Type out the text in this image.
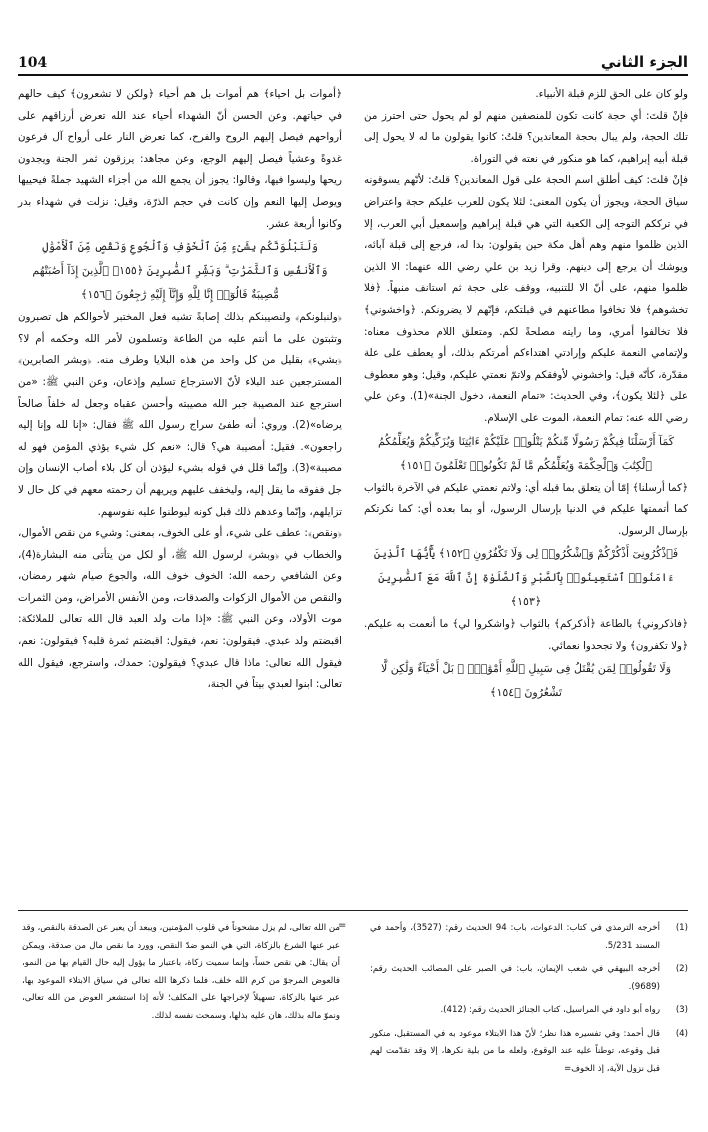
104	الجزء الثاني

ولو كان على الحق للزم قبلة الأنبياء.

فإنْ قلتَ: أي حجة كانت تكون للمنصفين منهم لو لم يحول حتى احترز من تلك الحجة، ولم يبال بحجة المعاندين؟ قلتُ: كانوا يقولون ما له لا يحول إلى قبلة أبيه إبراهيم، كما هو منكور في نعته في التوراة.

فإنْ قلتَ: كيف أطلق اسم الحجة على قول المعاندين؟ قلتُ: لأنّهم يسوقونه سياق الحجة، ويجوز أن يكون المعنى: لئلا يكون للعرب عليكم حجة واعتراض في ترككم التوجه إلى الكعبة التي هي قبلة إبراهيم وإسمعيل أبي العرب، إلا الذين ظلموا منهم وهم أهل مكة حين يقولون: بدا له، فرجع إلى قبلة آبائه، ويوشك أن يرجع إلى دينهم. وقرا زيد بن علي رضي الله عنهما: الا الذين ظلموا منهم، على أنّ الا للتنبيه، ووقف على حجة ثم استانف منبهاً. ﴿فلا تخشوهم﴾ فلا تخافوا مطاعنهم في قبلتكم، فإنّهم لا يضرونكم. ﴿واخشوني﴾ فلا تخالفوا أمري، وما رايته مصلحةً لكم. ومتعلق اللام محذوف معناه: ولإتمامي النعمة عليكم وإرادتي اهتداءكم أمرتكم بذلك، أو يعطف على علة مقدّرة، كأنّه قيل: واخشوني لأوفقكم ولاتمّ نعمتي عليكم، وقيل: وهو معطوف على ﴿لئلا يكون﴾، وفي الحديث: «تمام النعمة، دخول الجنة»(1). وعن علي رضي الله عنه: تمام النعمة، الموت على الإسلام.

كَمَآ أَرْسَلْنَا فِيكُمْ رَسُولًا مِّنكُمْ يَتْلُوا۟ عَلَيْكُمْ ءَايَٰتِنَا وَيُزَكِّيكُمْ وَيُعَلِّمُكُمُ ٱلْكِتَٰبَ وَٱلْحِكْمَةَ وَيُعَلِّمُكُم مَّا لَمْ تَكُونُوا۟ تَعْلَمُونَ ﴿١٥١﴾

﴿كما أرسلنا﴾ إمّا أن يتعلق بما قبله أي: ولاتم نعمتي عليكم في الآخرة بالثواب كما أتممتها عليكم في الدنيا بإرسال الرسول، أو بما بعده أي: كما نكرتكم بإرسال الرسول.

فَٱذْكُرُونِىٓ أَذْكُرْكُمْ وَٱشْكُرُوا۟ لِى وَلَا تَكْفُرُونِ ﴿١٥٢﴾ يَٰٓأَيُّهَا ٱلَّذِينَ ءَامَنُوا۟ ٱسْتَعِينُوا۟ بِٱلصَّبْرِ وَٱلصَّلَوٰةِ إِنَّ ٱللَّهَ مَعَ ٱلصَّٰبِرِينَ ﴿١٥٣﴾

﴿فاذكروني﴾ بالطاعة ﴿أذكركم﴾ بالثواب ﴿واشكروا لي﴾ ما أنعمت به عليكم. ﴿ولا تكفرون﴾ ولا تجحدوا نعمائي.

وَلَا تَقُولُوا۟ لِمَن يُقْتَلُ فِى سَبِيلِ ٱللَّهِ أَمْوَٰتٌۢ ۚ بَلْ أَحْيَآءٌ وَلَٰكِن لَّا تَشْعُرُونَ ﴿١٥٤﴾

﴿أموات بل احياء﴾ هم أموات بل هم أحياء ﴿ولكن لا تشعرون﴾ كيف حالهم في حياتهم. وعن الحسن أنّ الشهداء أحياء عند الله تعرض أرزاقهم على أرواحهم فيصل إليهم الروح والفرح، كما تعرض النار على أرواح آل فرعون غدوةً وعشياً فيصل إليهم الوجع، وعن مجاهد: يرزقون ثمر الجنة ويجدون ريحها وليسوا فيها، وقالوا: يجوز أن يجمع الله من أجزاء الشهيد جملةً فيحييها ويوصل إليها النعم وإن كانت في حجم الذرّة، وقيل: نزلت في شهداء بدر وكانوا أربعة عشر.

وَلَنَبْلُوَنَّكُم بِشَىْءٍ مِّنَ ٱلْخَوْفِ وَٱلْجُوعِ وَنَقْصٍ مِّنَ ٱلْأَمْوَٰلِ وَٱلْأَنفُسِ وَٱلثَّمَرَٰتِ ۗ وَبَشِّرِ ٱلصَّٰبِرِينَ ﴿١٥٥﴾ ٱلَّذِينَ إِذَآ أَصَٰبَتْهُم مُّصِيبَةٌ قَالُوٓا۟ إِنَّا لِلَّهِ وَإِنَّآ إِلَيْهِ رَٰجِعُونَ ﴿١٥٦﴾

﴿ولنبلونكم﴾ ولنصيبنكم بذلك إصابةً تشبه فعل المختبر لأحوالكم هل تصبرون وتثبتون على ما أنتم عليه من الطاعة وتسلمون لأمر الله وحكمه أم لا؟ ﴿بشيء﴾ بقليل من كل واحد من هذه البلايا وطرف منه. ﴿وبشر الصابرين﴾ المسترجعين عند البلاء لأنّ الاسترجاع تسليم وإذعان، وعن النبي ﷺ: «من استرجع عند المصيبة جبر الله مصيبته وأحسن عقباه وجعل له خلفاً صالحاً يرضاه»(2). وروي: أنه طفئ سراج رسول الله ﷺ فقال: «إنا لله وإنا إليه راجعون». فقيل: أمصيبة هي؟ قال: «نعم كل شيء يؤذي المؤمن فهو له مصيبة»(3). وإنّما قلل في قوله بشيء ليؤذن أن كل بلاء أصاب الإنسان وإن جل ففوقه ما يقل إليه، وليخفف عليهم ويريهم أن رحمته معهم في كل حال لا تزايلهم، وإنّما وعدهم ذلك قبل كونه ليوطنوا عليه نفوسهم.

﴿ونقص﴾: عطف على شيء، أو على الخوف، بمعنى: وشيء من نقص الأموال، والخطاب في ﴿وبشر﴾ لرسول الله ﷺ، أو لكل من يتأتى منه البشارة(4)، وعن الشافعي رحمه الله: الخوف خوف الله، والجوع صيام شهر رمضان، والنقص من الأموال الزكوات والصدقات، ومن الأنفس الأمراض، ومن الثمرات موت الأولاد، وعن النبي ﷺ: «إذا مات ولد العبد قال الله تعالى للملائكة: اقبضتم ولد عبدي. فيقولون: نعم، فيقول: اقبضتم ثمرة قلبه؟ فيقولون: نعم، فيقول الله تعالى: ماذا قال عبدي؟ فيقولون: حمدك، واسترجع، فيقول الله تعالى: ابنوا لعبدي بيتاً في الجنة،

(1)
أخرجه الترمذي في كتاب: الدعوات، باب: 94 الحديث رقم: (3527)، وأحمد في المسند 5/231.
(2)
أخرجه البيهقي في شعب الإيمان، باب: في الصبر على المصائب الحديث رقم: (9689).
(3)
رواه أبو داود في المراسيل، كتاب الجنائز الحديث رقم: (412).
(4)
قال أحمد: وفي تفسيره هذا نظر؛ لأنّ هذا الابتلاء موعود به في المستقبل، منكور قبل وقوعه، توطناً عليه عند الوقوع، ولعله ما من بلية نكرها، إلا وقد تقدّمت لهم قبل نزول الآية، إذ الخوف=

من الله تعالى، لم يزل مشحوناً في قلوب المؤمنين، ويبعد أن يعبر عن الصدقة بالنقص، وقد عبر عنها الشرع بالزكاة، التي هي النمو ضدّ النقص، وورد ما نقص مال من صدقة، ويمكن أن يقال: هي نقص حساً، وإنما سميت زكاة، باعتبار ما يؤول إليه حال القيام بها من النمو، فالعوض المرجوّ من كرم الله خلف، فلما ذكرها الله تعالى في سياق الابتلاء الموعود بها، عبر عنها بالزكاة، تسهيلاً لإخراجها على المكلف؛ لأنه إذا استشعر العوض من الله تعالى، ونموّ ماله بذلك، هان عليه بذلها، وسمحت نفسه لذلك.

=
